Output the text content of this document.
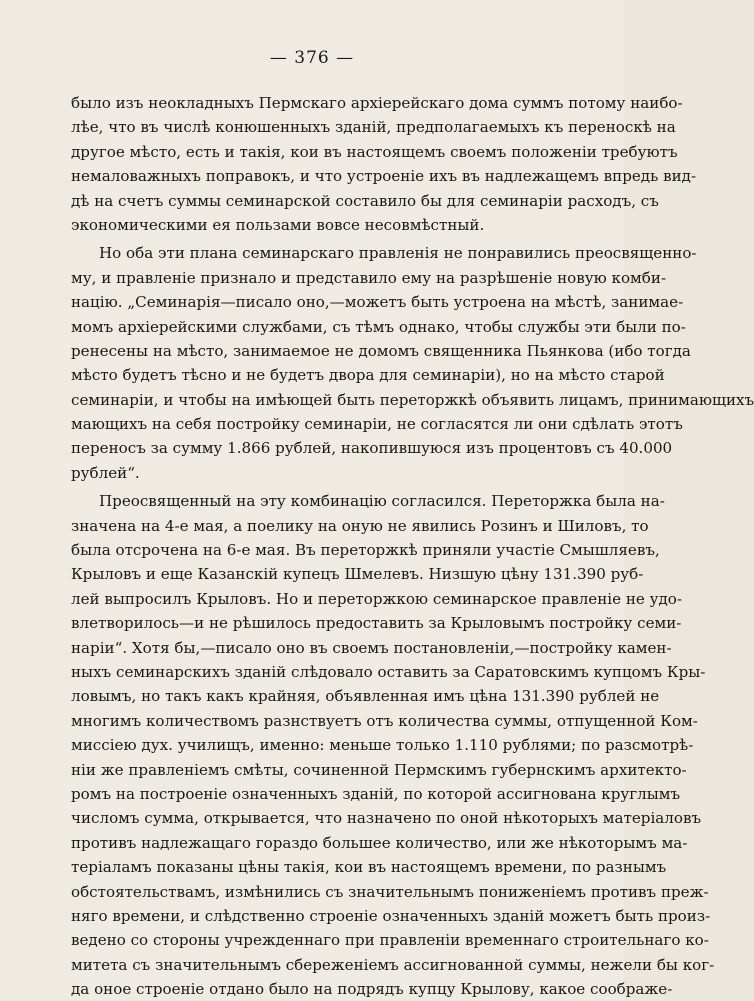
— 376 —
было изъ неокладныхъ Пермскаго архіерейскаго дома суммъ потому наибо-
лѣе, что въ числѣ конюшенныхъ зданій, предполагаемыхъ къ переноскѣ на
другое мѣсто, есть и такія, кои въ настоящемъ своемъ положеніи требуютъ
немаловажныхъ поправокъ, и что устроеніе ихъ въ надлежащемъ впредь вид-
дѣ на счетъ суммы семинарской составило бы для семинаріи расходъ, съ
экономическими ея пользами вовсе несовмѣстный.
Но оба эти плана семинарскаго правленія не понравились преосвященно-
му, и правленіе признало и представило ему на разрѣшеніе новую комби-
націю. „Семинарія—писало оно,—можетъ быть устроена на мѣстѣ, занимае-
момъ архіерейскими службами, съ тѣмъ однако, чтобы службы эти были по-
ренесены на мѣсто, занимаемое не домомъ священника Пьянкова (ибо тогда
мѣсто будетъ тѣсно и не будетъ двора для семинаріи), но на мѣсто старой
семинаріи, и чтобы на имѣющей быть переторжкѣ объявить лицамъ, принимающихъ
мающихъ на себя постройку семинаріи, не согласятся ли они сдѣлать этотъ
переносъ за сумму 1.866 рублей, накопившуюся изъ процентовъ съ 40.000
рублей“.
Преосвященный на эту комбинацію согласился. Переторжка была на-
значена на 4-е мая, а поелику на оную не явились Розинъ и Шиловъ, то
была отсрочена на 6-е мая. Въ переторжкѣ приняли участіе Смышляевъ,
Крыловъ и еще Казанскій купецъ Шмелевъ. Низшую цѣну 131.390 руб-
лей выпросилъ Крыловъ. Но и переторжкою семинарское правленіе не удо-
влетворилось—и не рѣшилось предоставить за Крыловымъ постройку семи-
наріи“. Хотя бы,—писало оно въ своемъ постановленіи,—постройку камен-
ныхъ семинарскихъ зданій слѣдовало оставить за Саратовскимъ купцомъ Кры-
ловымъ, но такъ какъ крайняя, объявленная имъ цѣна 131.390 рублей не
многимъ количествомъ разнствуетъ отъ количества суммы, отпущенной Ком-
миссіею дух. училищъ, именно: меньше только 1.110 рублями; по разсмотрѣ-
ніи же правленіемъ смѣты, сочиненной Пермскимъ губернскимъ архитекто-
ромъ на построеніе означенныхъ зданій, по которой ассигнована круглымъ
числомъ сумма, открывается, что назначено по оной нѣкоторыхъ матеріаловъ
противъ надлежащаго гораздо большее количество, или же нѣкоторымъ ма-
теріаламъ показаны цѣны такія, кои въ настоящемъ времени, по разнымъ
обстоятельствамъ, измѣнились съ значительнымъ пониженіемъ противъ преж-
няго времени, и слѣдственно строеніе означенныхъ зданій можетъ быть произ-
ведено со стороны учрежденнаго при правленіи временнаго строительнаго ко-
митета съ значительнымъ сбереженіемъ ассигнованной суммы, нежели бы ког-
да оное строеніе отдано было на подрядъ купцу Крылову, какое соображе-
